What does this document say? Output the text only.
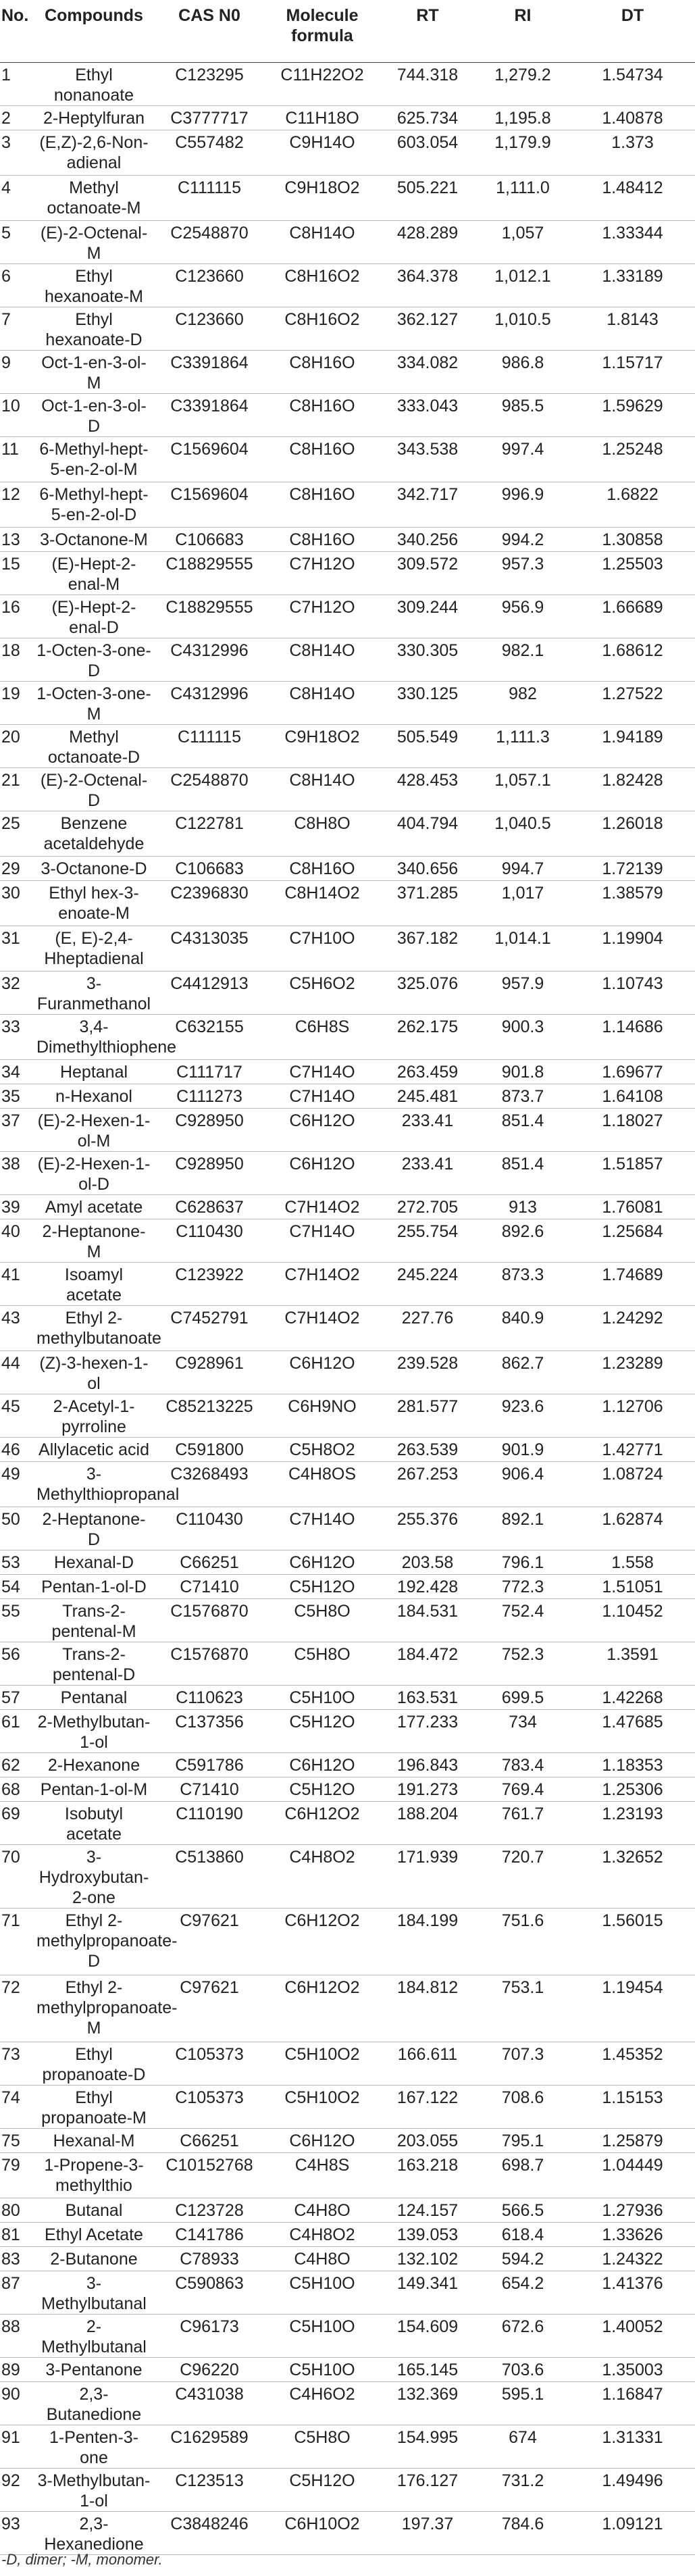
No.	Compounds	CAS N0	Molecule formula	RT	RI	DT
1	Ethyl nonanoate	C123295	C11H22O2	744.318	1,279.2	1.54734
2	2-Heptylfuran	C3777717	C11H18O	625.734	1,195.8	1.40878
3	(E,Z)-2,6-Non-adienal	C557482	C9H14O	603.054	1,179.9	1.373
4	Methyl octanoate-M	C111115	C9H18O2	505.221	1,111.0	1.48412
5	(E)-2-Octenal-M	C2548870	C8H14O	428.289	1,057	1.33344
6	Ethyl hexanoate-M	C123660	C8H16O2	364.378	1,012.1	1.33189
7	Ethyl hexanoate-D	C123660	C8H16O2	362.127	1,010.5	1.8143
9	Oct-1-en-3-ol-M	C3391864	C8H16O	334.082	986.8	1.15717
10	Oct-1-en-3-ol-D	C3391864	C8H16O	333.043	985.5	1.59629
11	6-Methyl-hept-5-en-2-ol-M	C1569604	C8H16O	343.538	997.4	1.25248
12	6-Methyl-hept-5-en-2-ol-D	C1569604	C8H16O	342.717	996.9	1.6822
13	3-Octanone-M	C106683	C8H16O	340.256	994.2	1.30858
15	(E)-Hept-2-enal-M	C18829555	C7H12O	309.572	957.3	1.25503
16	(E)-Hept-2-enal-D	C18829555	C7H12O	309.244	956.9	1.66689
18	1-Octen-3-one-D	C4312996	C8H14O	330.305	982.1	1.68612
19	1-Octen-3-one-M	C4312996	C8H14O	330.125	982	1.27522
20	Methyl octanoate-D	C111115	C9H18O2	505.549	1,111.3	1.94189
21	(E)-2-Octenal-D	C2548870	C8H14O	428.453	1,057.1	1.82428
25	Benzene acetaldehyde	C122781	C8H8O	404.794	1,040.5	1.26018
29	3-Octanone-D	C106683	C8H16O	340.656	994.7	1.72139
30	Ethyl hex-3-enoate-M	C2396830	C8H14O2	371.285	1,017	1.38579
31	(E, E)-2,4-Hheptadienal	C4313035	C7H10O	367.182	1,014.1	1.19904
32	3-Furanmethanol	C4412913	C5H6O2	325.076	957.9	1.10743
33	3,4-Dimethylthiophene	C632155	C6H8S	262.175	900.3	1.14686
34	Heptanal	C111717	C7H14O	263.459	901.8	1.69677
35	n-Hexanol	C111273	C7H14O	245.481	873.7	1.64108
37	(E)-2-Hexen-1-ol-M	C928950	C6H12O	233.41	851.4	1.18027
38	(E)-2-Hexen-1-ol-D	C928950	C6H12O	233.41	851.4	1.51857
39	Amyl acetate	C628637	C7H14O2	272.705	913	1.76081
40	2-Heptanone-M	C110430	C7H14O	255.754	892.6	1.25684
41	Isoamyl acetate	C123922	C7H14O2	245.224	873.3	1.74689
43	Ethyl 2-methylbutanoate	C7452791	C7H14O2	227.76	840.9	1.24292
44	(Z)-3-hexen-1-ol	C928961	C6H12O	239.528	862.7	1.23289
45	2-Acetyl-1-pyrroline	C85213225	C6H9NO	281.577	923.6	1.12706
46	Allylacetic acid	C591800	C5H8O2	263.539	901.9	1.42771
49	3-Methylthiopropanal	C3268493	C4H8OS	267.253	906.4	1.08724
50	2-Heptanone-D	C110430	C7H14O	255.376	892.1	1.62874
53	Hexanal-D	C66251	C6H12O	203.58	796.1	1.558
54	Pentan-1-ol-D	C71410	C5H12O	192.428	772.3	1.51051
55	Trans-2-pentenal-M	C1576870	C5H8O	184.531	752.4	1.10452
56	Trans-2-pentenal-D	C1576870	C5H8O	184.472	752.3	1.3591
57	Pentanal	C110623	C5H10O	163.531	699.5	1.42268
61	2-Methylbutan-1-ol	C137356	C5H12O	177.233	734	1.47685
62	2-Hexanone	C591786	C6H12O	196.843	783.4	1.18353
68	Pentan-1-ol-M	C71410	C5H12O	191.273	769.4	1.25306
69	Isobutyl acetate	C110190	C6H12O2	188.204	761.7	1.23193
70	3-Hydroxybutan-2-one	C513860	C4H8O2	171.939	720.7	1.32652
71	Ethyl 2-methylpropanoate-D	C97621	C6H12O2	184.199	751.6	1.56015
72	Ethyl 2-methylpropanoate-M	C97621	C6H12O2	184.812	753.1	1.19454
73	Ethyl propanoate-D	C105373	C5H10O2	166.611	707.3	1.45352
74	Ethyl propanoate-M	C105373	C5H10O2	167.122	708.6	1.15153
75	Hexanal-M	C66251	C6H12O	203.055	795.1	1.25879
79	1-Propene-3-methylthio	C10152768	C4H8S	163.218	698.7	1.04449
80	Butanal	C123728	C4H8O	124.157	566.5	1.27936
81	Ethyl Acetate	C141786	C4H8O2	139.053	618.4	1.33626
83	2-Butanone	C78933	C4H8O	132.102	594.2	1.24322
87	3-Methylbutanal	C590863	C5H10O	149.341	654.2	1.41376
88	2-Methylbutanal	C96173	C5H10O	154.609	672.6	1.40052
89	3-Pentanone	C96220	C5H10O	165.145	703.6	1.35003
90	2,3-Butanedione	C431038	C4H6O2	132.369	595.1	1.16847
91	1-Penten-3-one	C1629589	C5H8O	154.995	674	1.31331
92	3-Methylbutan-1-ol	C123513	C5H12O	176.127	731.2	1.49496
93	2,3-Hexanedione	C3848246	C6H10O2	197.37	784.6	1.09121
-D, dimer; -M, monomer.
